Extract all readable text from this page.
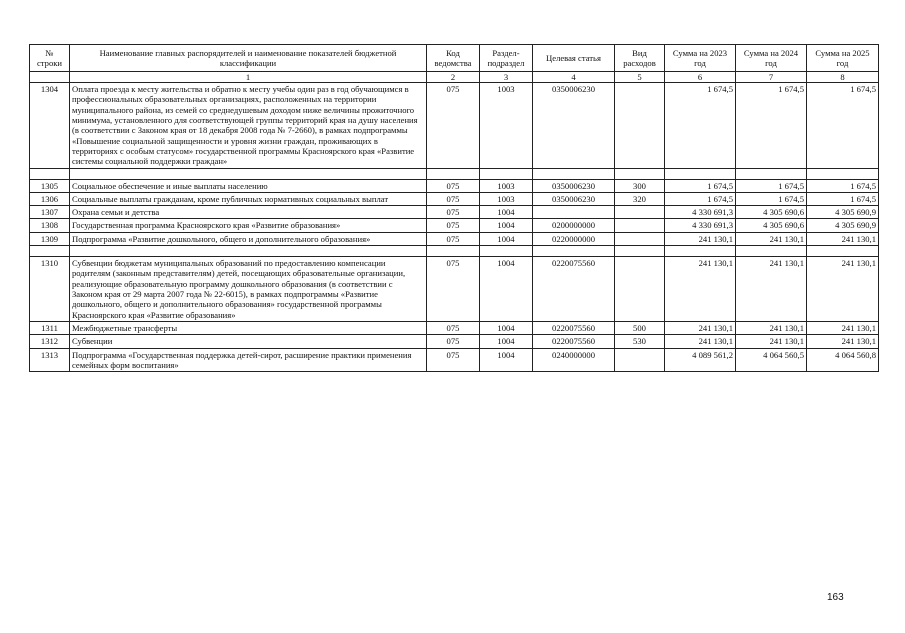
№ строки	Наименование главных распорядителей и наименование показателей бюджетной классификации	Код ведомства	Раздел-подраздел	Целевая статья	Вид расходов	Сумма на 2023 год	Сумма на 2024 год	Сумма на 2025 год
	1	2	3	4	5	6	7	8
1304	Оплата проезда к месту жительства и обратно к месту учебы один раз в год обучающимся в профессиональных образовательных организациях, расположенных на территории муниципального района, из семей со среднедушевым доходом ниже величины прожиточного минимума, установленного для соответствующей группы территорий края на душу населения (в соответствии с Законом края от 18 декабря 2008 года № 7-2660), в рамках подпрограммы «Повышение социальной защищенности и уровня жизни граждан, проживающих в территориях с особым статусом» государственной программы Красноярского края «Развитие системы социальной поддержки граждан»	075	1003	0350006230		1 674,5	1 674,5	1 674,5

1305	Социальное обеспечение и иные выплаты населению	075	1003	0350006230	300	1 674,5	1 674,5	1 674,5
1306	Социальные выплаты гражданам, кроме публичных нормативных социальных выплат	075	1003	0350006230	320	1 674,5	1 674,5	1 674,5
1307	Охрана семьи и детства	075	1004			4 330 691,3	4 305 690,6	4 305 690,9
1308	Государственная программа Красноярского края «Развитие образования»	075	1004	0200000000		4 330 691,3	4 305 690,6	4 305 690,9
1309	Подпрограмма «Развитие дошкольного, общего и дополнительного образования»	075	1004	0220000000		241 130,1	241 130,1	241 130,1

1310	Субвенции бюджетам муниципальных образований по предоставлению компенсации родителям (законным представителям) детей, посещающих образовательные организации, реализующие образовательную программу дошкольного образования (в соответствии с Законом края от 29 марта 2007 года № 22-6015), в рамках подпрограммы «Развитие дошкольного, общего и дополнительного образования» государственной программы Красноярского края «Развитие образования»	075	1004	0220075560		241 130,1	241 130,1	241 130,1
1311	Межбюджетные трансферты	075	1004	0220075560	500	241 130,1	241 130,1	241 130,1
1312	Субвенции	075	1004	0220075560	530	241 130,1	241 130,1	241 130,1
1313	Подпрограмма «Государственная поддержка детей-сирот, расширение практики применения семейных форм воспитания»	075	1004	0240000000		4 089 561,2	4 064 560,5	4 064 560,8
163
